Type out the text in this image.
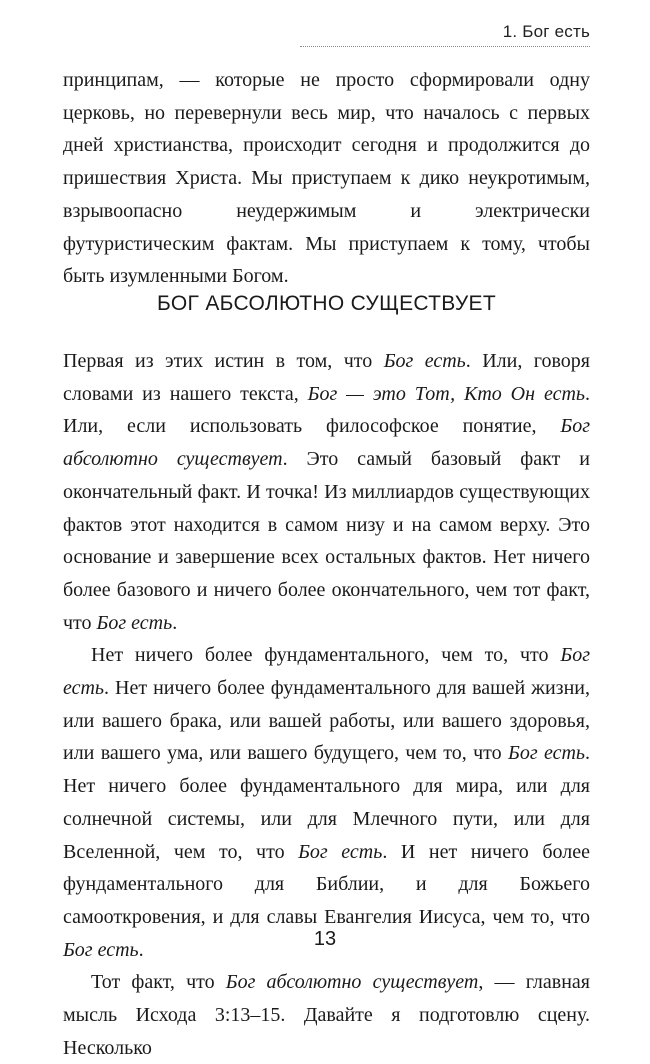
1. Бог есть

принципам, — которые не просто сформировали одну церковь, но перевернули весь мир, что началось с первых дней христианства, происходит сегодня и продолжится до пришествия Христа. Мы приступаем к дико неукротимым, взрывоопасно неудержимым и электрически футуристическим фактам. Мы приступаем к тому, чтобы быть изумленными Богом.

БОГ АБСОЛЮТНО СУЩЕСТВУЕТ

Первая из этих истин в том, что Бог есть. Или, говоря словами из нашего текста, Бог — это Тот, Кто Он есть. Или, если использовать философское понятие, Бог абсолютно существует. Это самый базовый факт и окончательный факт. И точка! Из миллиардов существующих фактов этот находится в самом низу и на самом верху. Это основание и завершение всех остальных фактов. Нет ничего более базового и ничего более окончательного, чем тот факт, что Бог есть.

Нет ничего более фундаментального, чем то, что Бог есть. Нет ничего более фундаментального для вашей жизни, или вашего брака, или вашей работы, или вашего здоровья, или вашего ума, или вашего будущего, чем то, что Бог есть. Нет ничего более фундаментального для мира, или для солнечной системы, или для Млечного пути, или для Вселенной, чем то, что Бог есть. И нет ничего более фундаментального для Библии, и для Божьего самооткровения, и для славы Евангелия Иисуса, чем то, что Бог есть.

Тот факт, что Бог абсолютно существует, — главная мысль Исхода 3:13–15. Давайте я подготовлю сцену. Несколько

13
